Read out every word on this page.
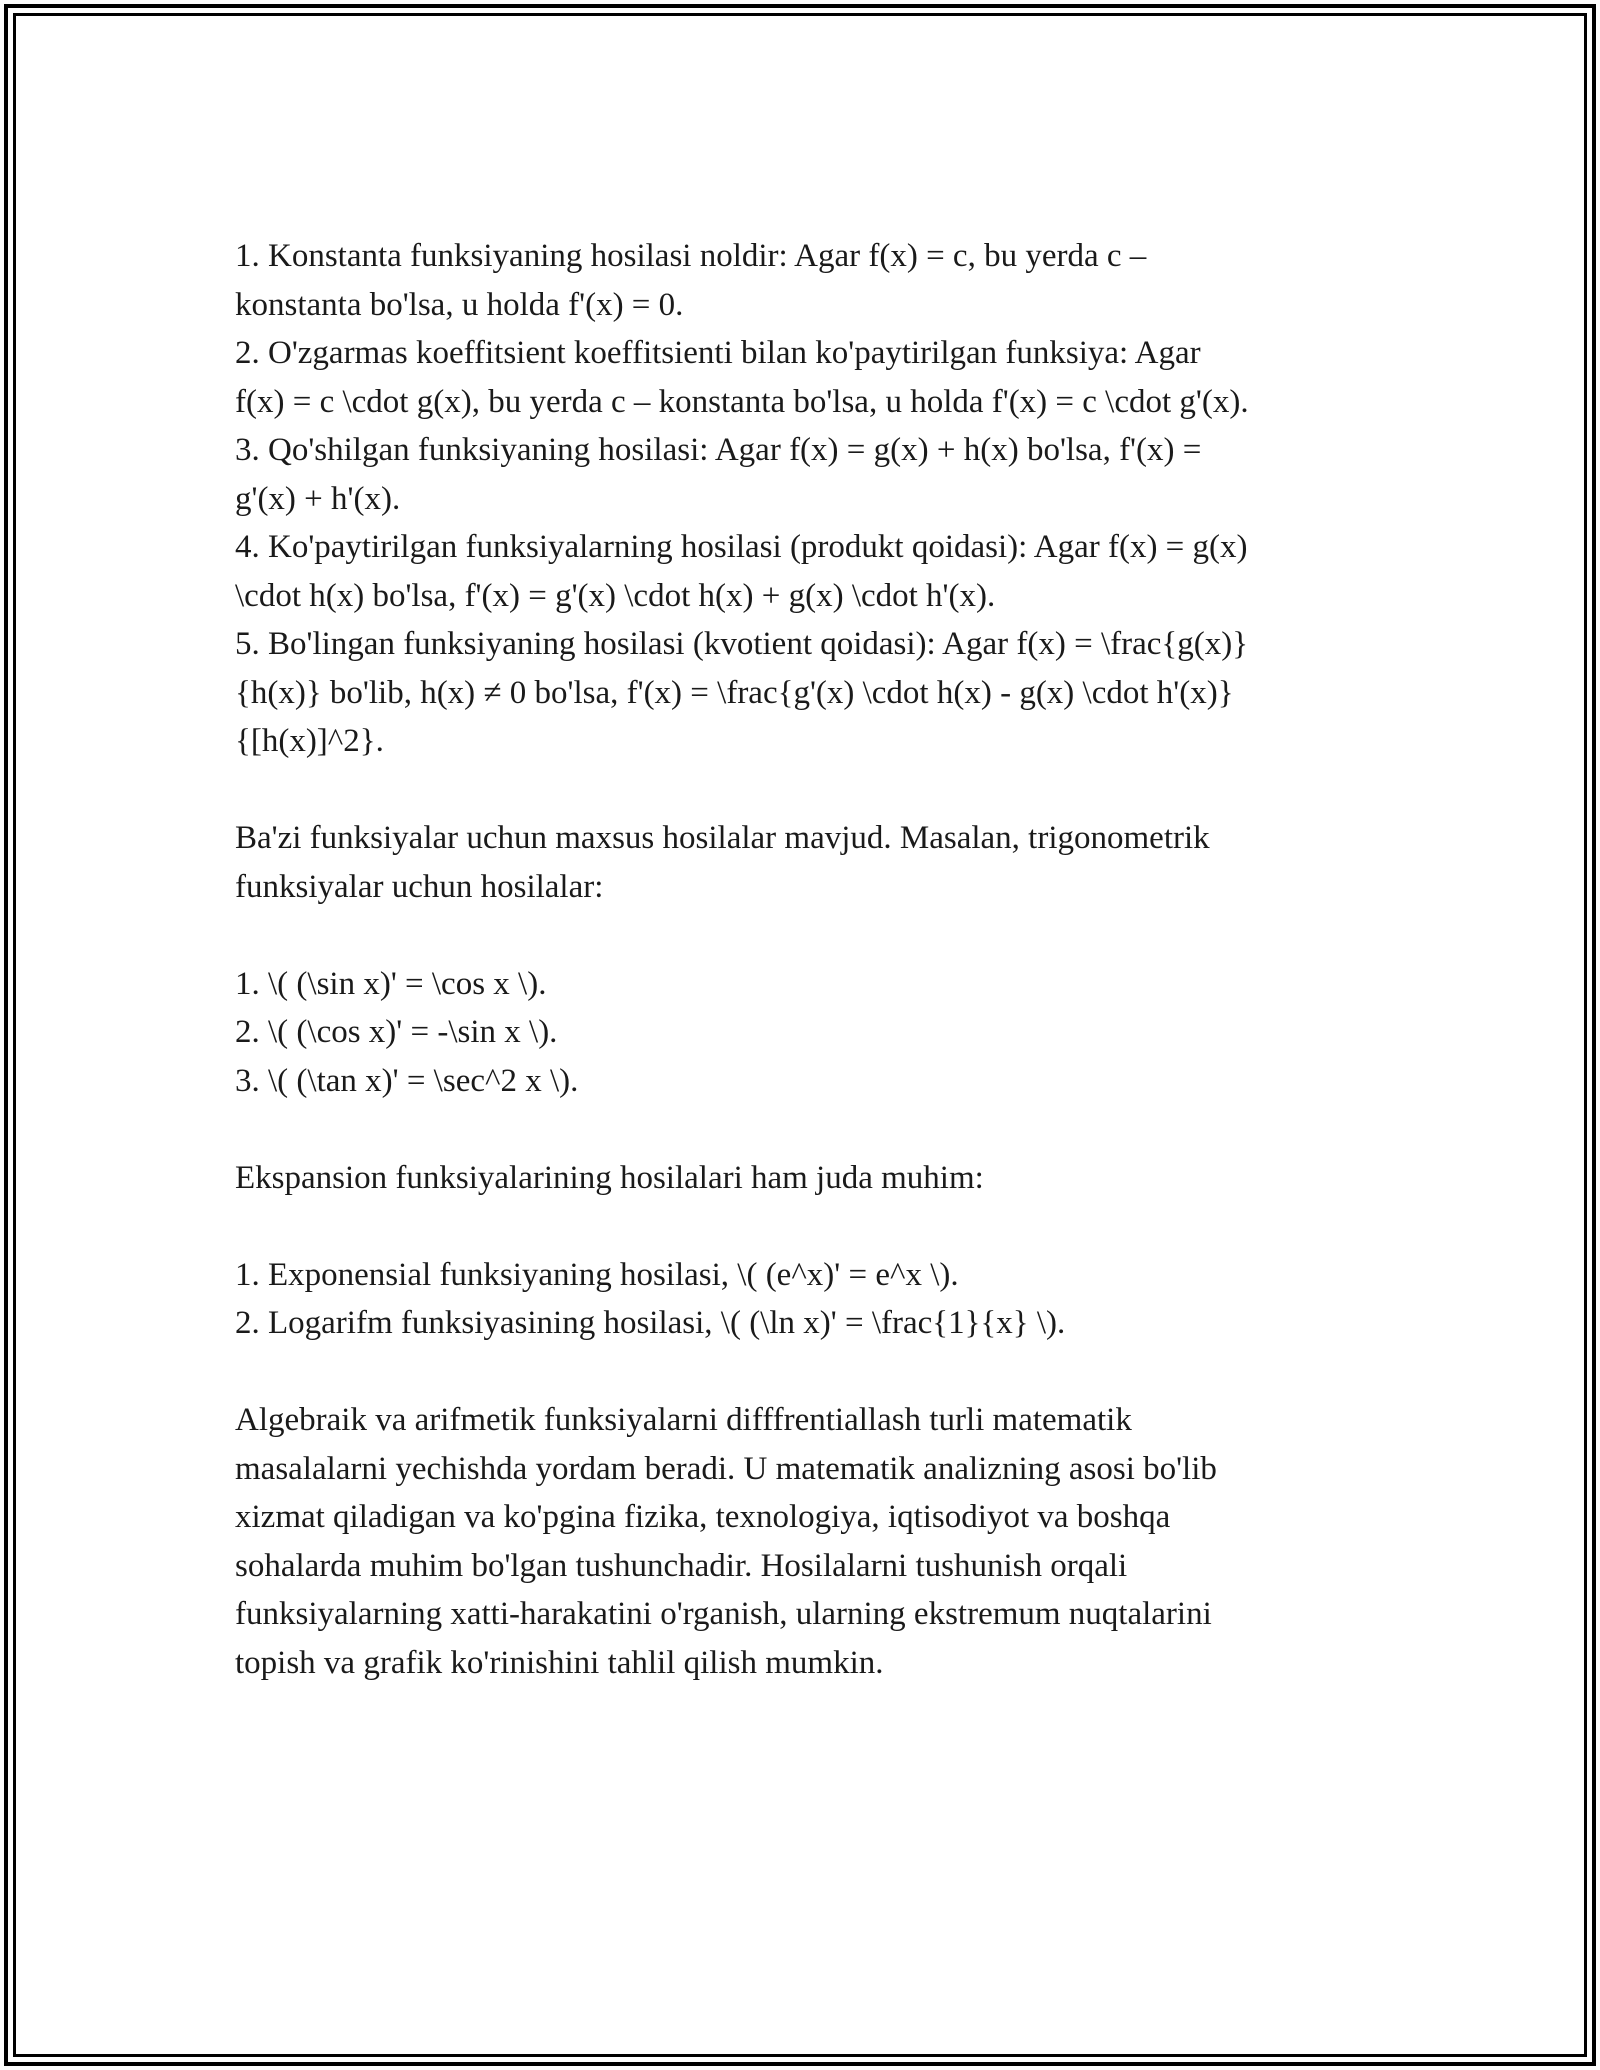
1. Konstanta funksiyaning hosilasi noldir: Agar f(x) = c, bu yerda c –
konstanta bo'lsa, u holda f'(x) = 0.
2. O'zgarmas koeffitsient koeffitsienti bilan ko'paytirilgan funksiya: Agar
f(x) = c \cdot g(x), bu yerda c – konstanta bo'lsa, u holda f'(x) = c \cdot g'(x).
3. Qo'shilgan funksiyaning hosilasi: Agar f(x) = g(x) + h(x) bo'lsa, f'(x) =
g'(x) + h'(x).
4. Ko'paytirilgan funksiyalarning hosilasi (produkt qoidasi): Agar f(x) = g(x)
\cdot h(x) bo'lsa, f'(x) = g'(x) \cdot h(x) + g(x) \cdot h'(x).
5. Bo'lingan funksiyaning hosilasi (kvotient qoidasi): Agar f(x) = \frac{g(x)}
{h(x)} bo'lib, h(x) ≠ 0 bo'lsa, f'(x) = \frac{g'(x) \cdot h(x) - g(x) \cdot h'(x)}
{[h(x)]^2}.
Ba'zi funksiyalar uchun maxsus hosilalar mavjud. Masalan, trigonometrik
funksiyalar uchun hosilalar:
1. \( (\sin x)' = \cos x \).
2. \( (\cos x)' = -\sin x \).
3. \( (\tan x)' = \sec^2 x \).
Ekspansion funksiyalarining hosilalari ham juda muhim:
1. Exponensial funksiyaning hosilasi, \( (e^x)' = e^x \).
2. Logarifm funksiyasining hosilasi, \( (\ln x)' = \frac{1}{x} \).
Algebraik va arifmetik funksiyalarni difffrentiallash turli matematik
masalalarni yechishda yordam beradi. U matematik analizning asosi bo'lib
xizmat qiladigan va ko'pgina fizika, texnologiya, iqtisodiyot va boshqa
sohalarda muhim bo'lgan tushunchadir. Hosilalarni tushunish orqali
funksiyalarning xatti-harakatini o'rganish, ularning ekstremum nuqtalarini
topish va grafik ko'rinishini tahlil qilish mumkin.
